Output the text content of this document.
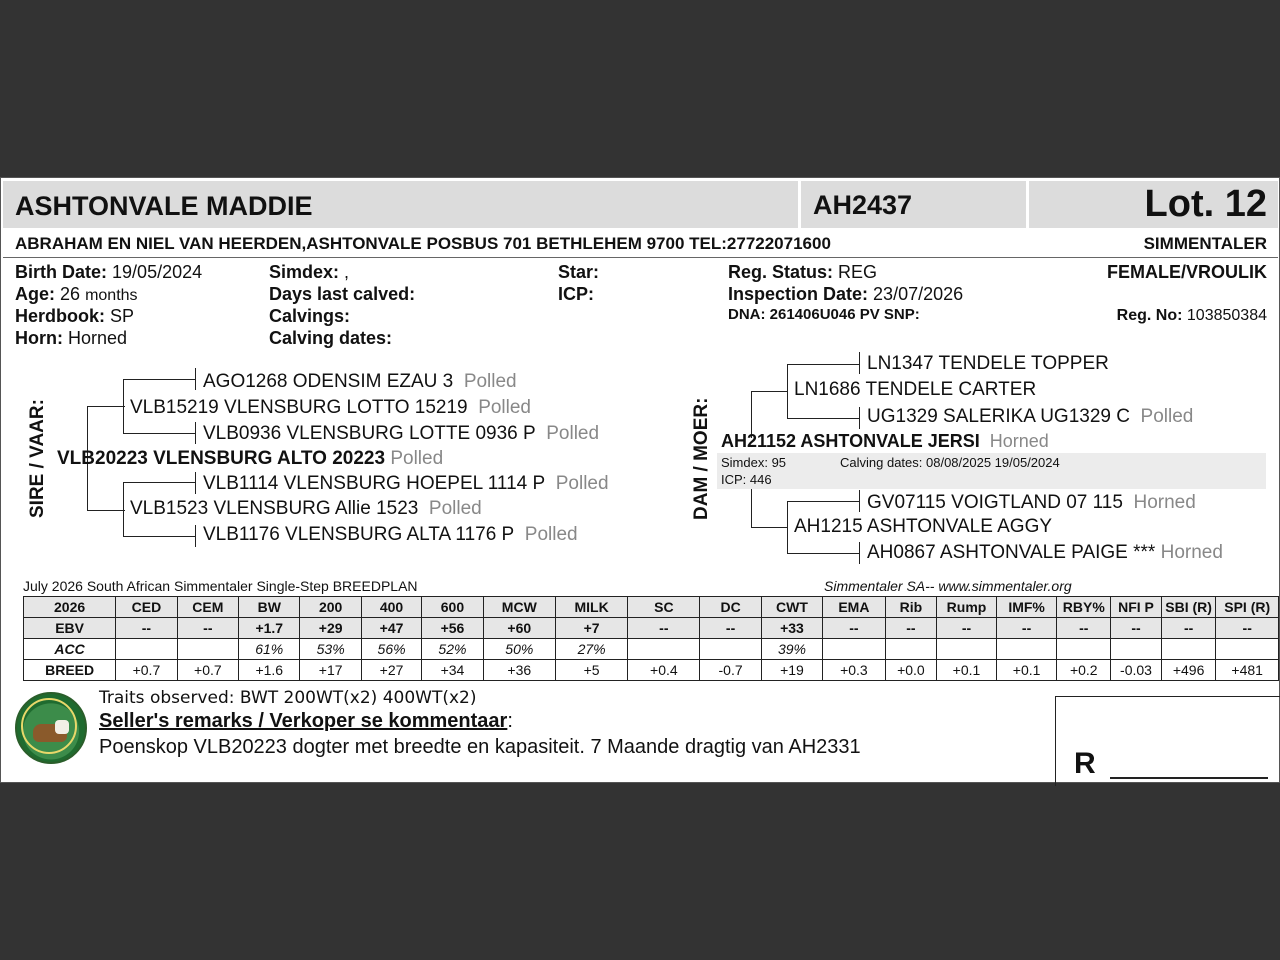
ASHTONVALE MADDIE	AH2437	Lot. 12
ABRAHAM EN NIEL VAN HEERDEN,ASHTONVALE POSBUS 701 BETHLEHEM 9700 TEL:27722071600	SIMMENTALER
Birth Date: 19/05/2024
Age: 26 months
Herdbook: SP
Horn: Horned
Simdex: ,
Days last calved:
Calvings:
Calving dates:
Star:
ICP:
Reg. Status: REG
Inspection Date: 23/07/2026
DNA: 261406U046 PV SNP:
FEMALE/VROULIK
Reg. No: 103850384
SIRE / VAAR:
AGO1268 ODENSIM EZAU 3 Polled
VLB15219 VLENSBURG LOTTO 15219 Polled
VLB0936 VLENSBURG LOTTE 0936 P Polled
VLB20223 VLENSBURG ALTO 20223 Polled
VLB1114 VLENSBURG HOEPEL 1114 P Polled
VLB1523 VLENSBURG Allie 1523 Polled
VLB1176 VLENSBURG ALTA 1176 P Polled
DAM / MOER:
LN1347 TENDELE TOPPER
LN1686 TENDELE CARTER
UG1329 SALERIKA UG1329 C Polled
AH21152 ASHTONVALE JERSI Horned
Simdex: 95	Calving dates: 08/08/2025 19/05/2024
ICP: 446
GV07115 VOIGTLAND 07 115 Horned
AH1215 ASHTONVALE AGGY
AH0867 ASHTONVALE PAIGE *** Horned
July 2026 South African Simmentaler Single-Step BREEDPLAN	Simmentaler SA-- www.simmentaler.org
2026	CED	CEM	BW	200	400	600	MCW	MILK	SC	DC	CWT	EMA	Rib	Rump	IMF%	RBY%	NFI P	SBI (R)	SPI (R)
EBV	--	--	+1.7	+29	+47	+56	+60	+7	--	--	+33	--	--	--	--	--	--	--	--
ACC			61%	53%	56%	52%	50%	27%			39%								
BREED	+0.7	+0.7	+1.6	+17	+27	+34	+36	+5	+0.4	-0.7	+19	+0.3	+0.0	+0.1	+0.1	+0.2	-0.03	+496	+481
Traits observed: BWT 200WT(x2) 400WT(x2)
Seller's remarks / Verkoper se kommentaar:
Poenskop VLB20223 dogter met breedte en kapasiteit. 7 Maande dragtig van AH2331	R
